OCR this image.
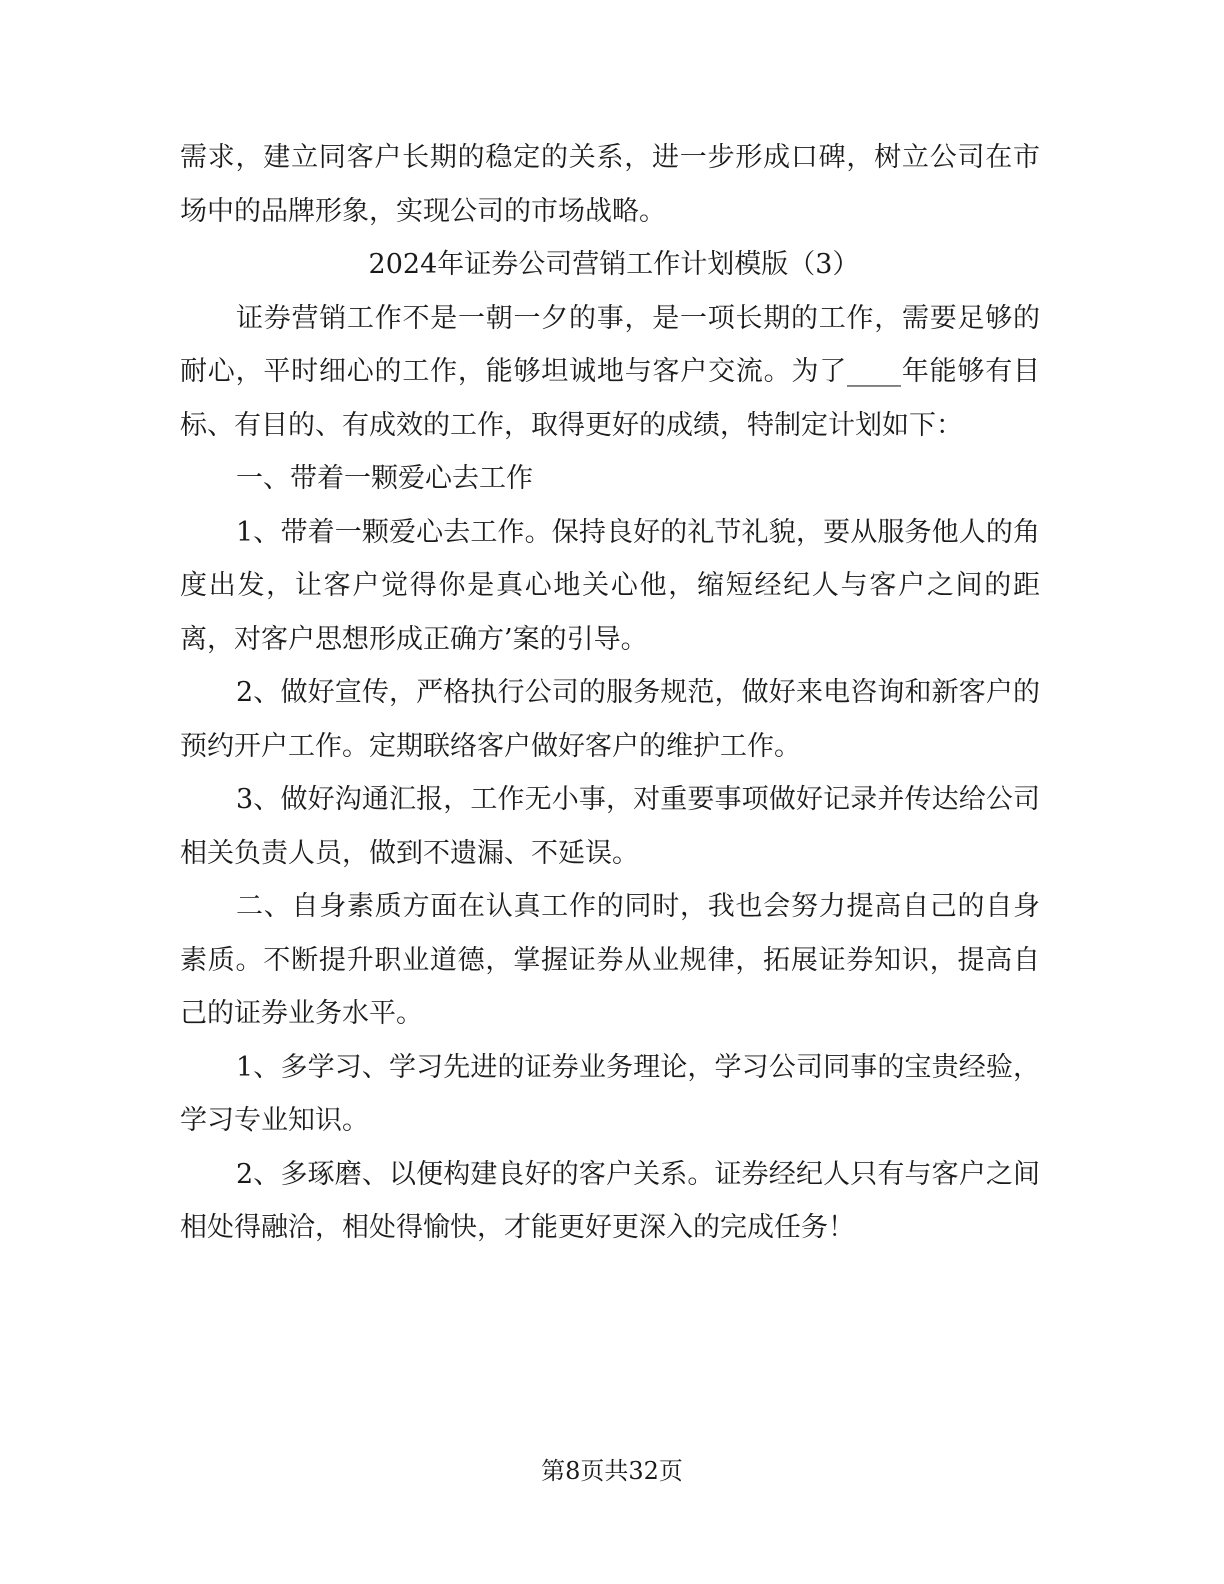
需求，建立同客户长期的稳定的关系，进一步形成口碑，树立公司在市场中的品牌形象，实现公司的市场战略。

2024年证券公司营销工作计划模版（3）

证券营销工作不是一朝一夕的事，是一项长期的工作，需要足够的耐心，平时细心的工作，能够坦诚地与客户交流。为了____年能够有目标、有目的、有成效的工作，取得更好的成绩，特制定计划如下：

一、带着一颗爱心去工作

1、带着一颗爱心去工作。保持良好的礼节礼貌，要从服务他人的角度出发，让客户觉得你是真心地关心他，缩短经纪人与客户之间的距离，对客户思想形成正确方’案的引导。

2、做好宣传，严格执行公司的服务规范，做好来电咨询和新客户的预约开户工作。定期联络客户做好客户的维护工作。

3、做好沟通汇报，工作无小事，对重要事项做好记录并传达给公司相关负责人员，做到不遗漏、不延误。

二、自身素质方面在认真工作的同时，我也会努力提高自己的自身素质。不断提升职业道德，掌握证券从业规律，拓展证券知识，提高自己的证券业务水平。

1、多学习、学习先进的证券业务理论，学习公司同事的宝贵经验，学习专业知识。

2、多琢磨、以便构建良好的客户关系。证券经纪人只有与客户之间相处得融洽，相处得愉快，才能更好更深入的完成任务！

第8页共32页
